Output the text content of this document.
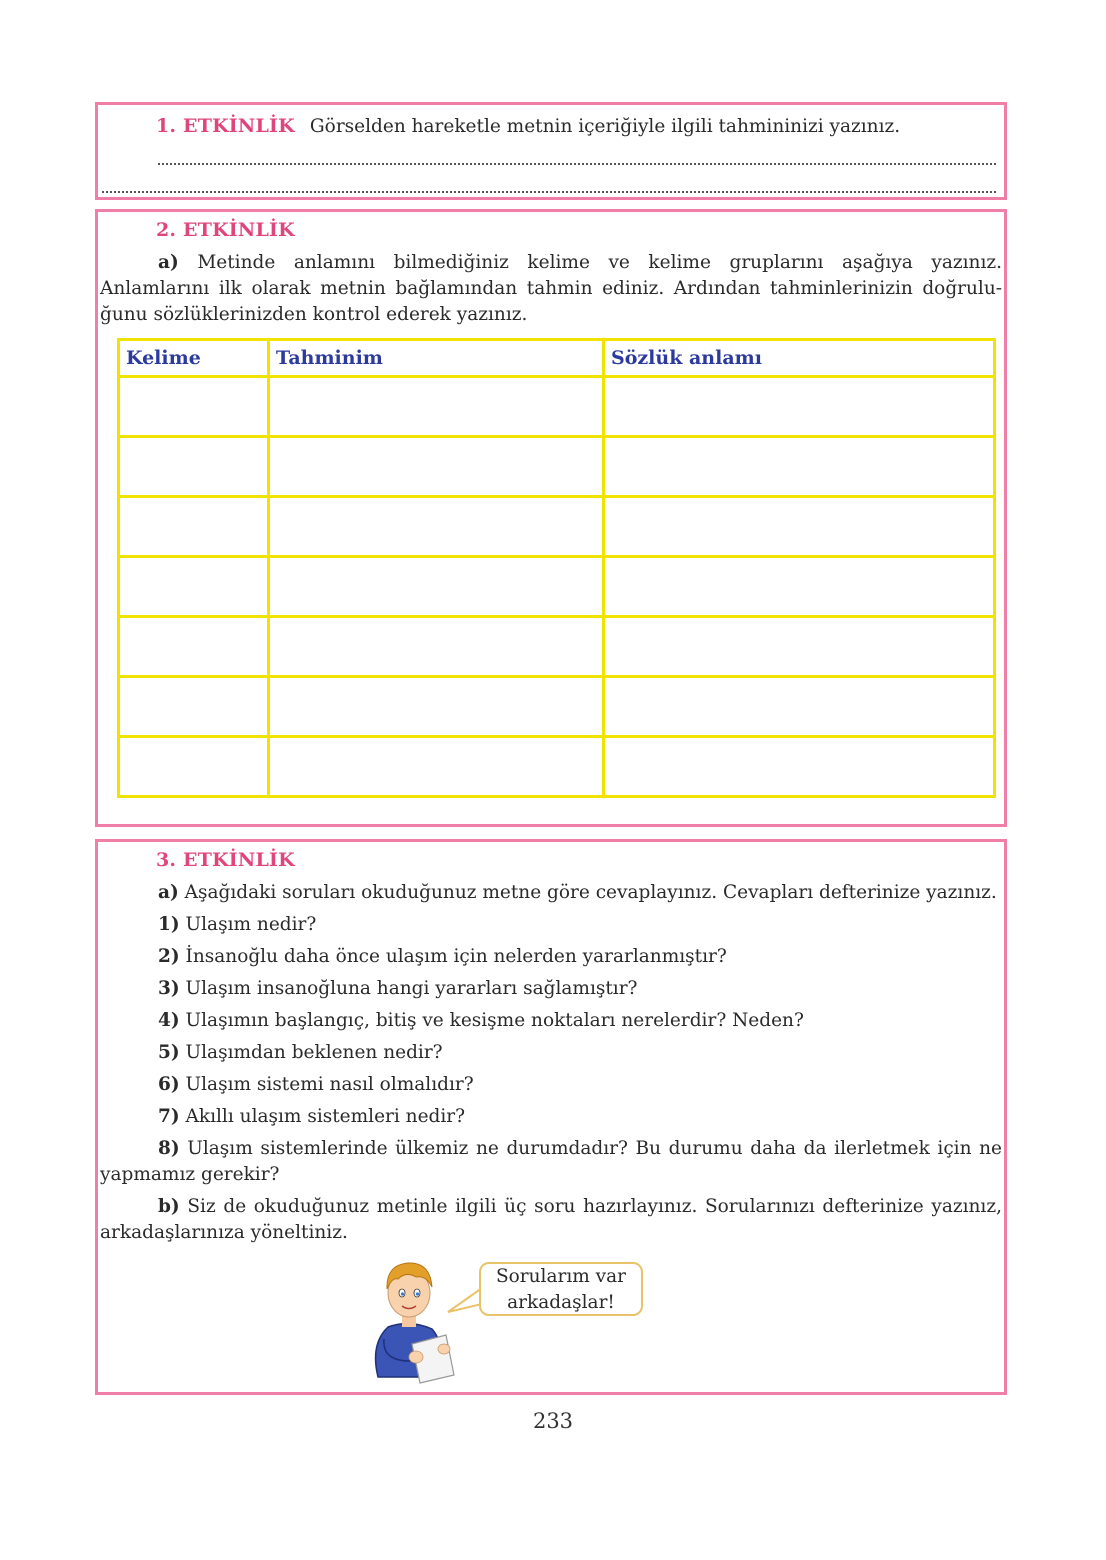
1. ETKİNLİK Görselden hareketle metnin içeriğiyle ilgili tahmininizi yazınız.
2. ETKİNLİK
a) Metinde anlamını bilmediğiniz kelime ve kelime gruplarını aşağıya yazınız. Anlamlarını ilk olarak metnin bağlamından tahmin ediniz. Ardından tahminlerinizin doğrulu-ğunu sözlüklerinizden kontrol ederek yazınız.
Kelime	Tahminim	Sözlük anlamı

3. ETKİNLİK

a) Aşağıdaki soruları okuduğunuz metne göre cevaplayınız. Cevapları defterinize yazınız.

1) Ulaşım nedir?

2) İnsanoğlu daha önce ulaşım için nelerden yararlanmıştır?

3) Ulaşım insanoğluna hangi yararları sağlamıştır?

4) Ulaşımın başlangıç, bitiş ve kesişme noktaları nerelerdir? Neden?

5) Ulaşımdan beklenen nedir?

6) Ulaşım sistemi nasıl olmalıdır?

7) Akıllı ulaşım sistemleri nedir?

8) Ulaşım sistemlerinde ülkemiz ne durumdadır? Bu durumu daha da ilerletmek için ne yapmamız gerekir?

b) Siz de okuduğunuz metinle ilgili üç soru hazırlayınız. Sorularınızı defterinize yazınız, arkadaşlarınıza yöneltiniz.

Sorularım var
arkadaşlar!
233
